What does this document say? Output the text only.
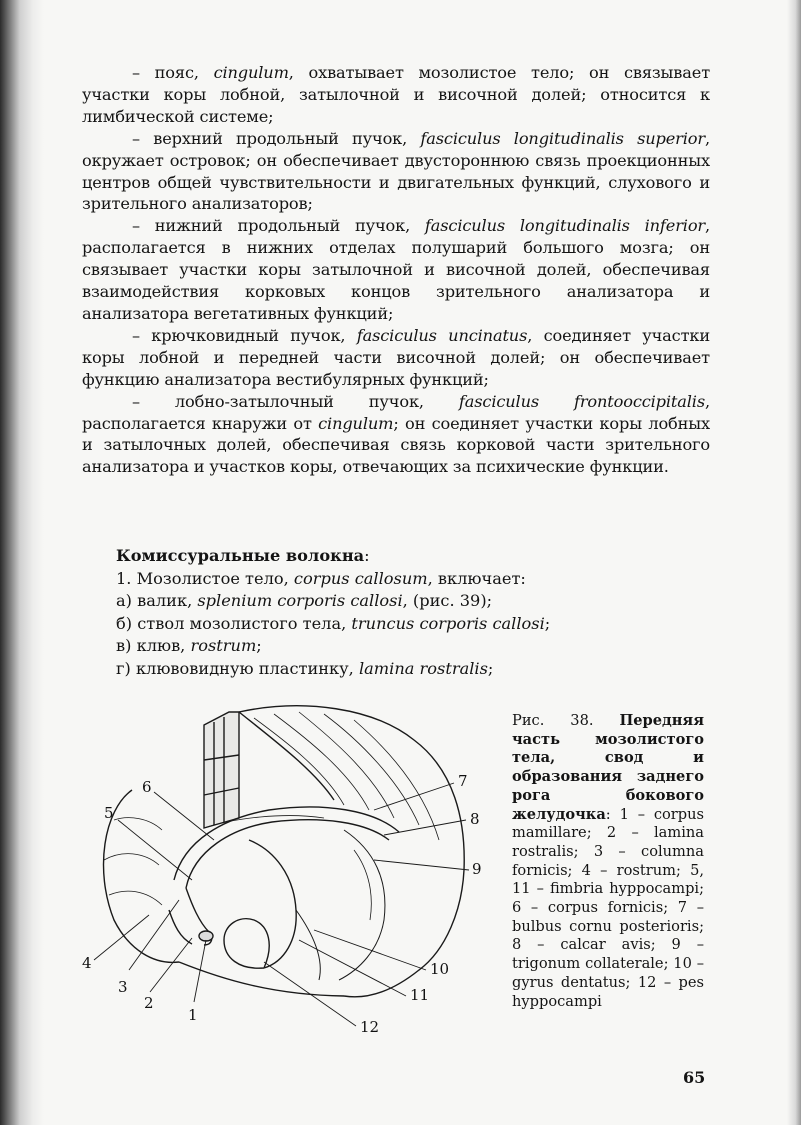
– пояс, cingulum, охватывает мозолистое тело; он связывает участки коры лобной, затылочной и височной долей; относится к лимбической системе;

– верхний продольный пучок, fasciculus longitudinalis superior, окружает островок; он обеспечивает двустороннюю связь проекционных центров общей чувствительности и двигательных функций, слухового и зрительного анализаторов;

– нижний продольный пучок, fasciculus longitudinalis inferior, располагается в нижних отделах полушарий большого мозга; он связывает участки коры затылочной и височной долей, обеспечивая взаимодействия корковых концов зрительного анализатора и анализатора вегетативных функций;

– крючковидный пучок, fasciculus uncinatus, соединяет участки коры лобной и передней части височной долей; он обеспечивает функцию анализатора вестибулярных функций;

– лобно-затылочный пучок, fasciculus frontooccipitalis, располагается кнаружи от cingulum; он соединяет участки коры лобных и затылочных долей, обеспечивая связь корковой части зрительного анализатора и участков коры, отвечающих за психические функции.

Комиссуральные волокна:
1. Мозолистое тело, corpus callosum, включает:
а) валик, splenium corporis callosi, (рис. 39);
б) ствол мозолистого тела, truncus corporis callosi;
в) клюв, rostrum;
г) клювовидную пластинку, lamina rostralis;
1
2
3
4
5
6	7
8
9
10
11
12
Рис. 38. Передняя часть мозолистого тела, свод и образования заднего рога бокового желудочка: 1 – corpus mamillare; 2 – lamina rostralis; 3 – columna fornicis; 4 – rostrum; 5, 11 – fimbria hyppocampi; 6 – corpus fornicis; 7 – bulbus cornu posterioris; 8 – calcar avis; 9 – trigonum collaterale; 10 – gyrus dentatus; 12 – pes hyppocampi
65
